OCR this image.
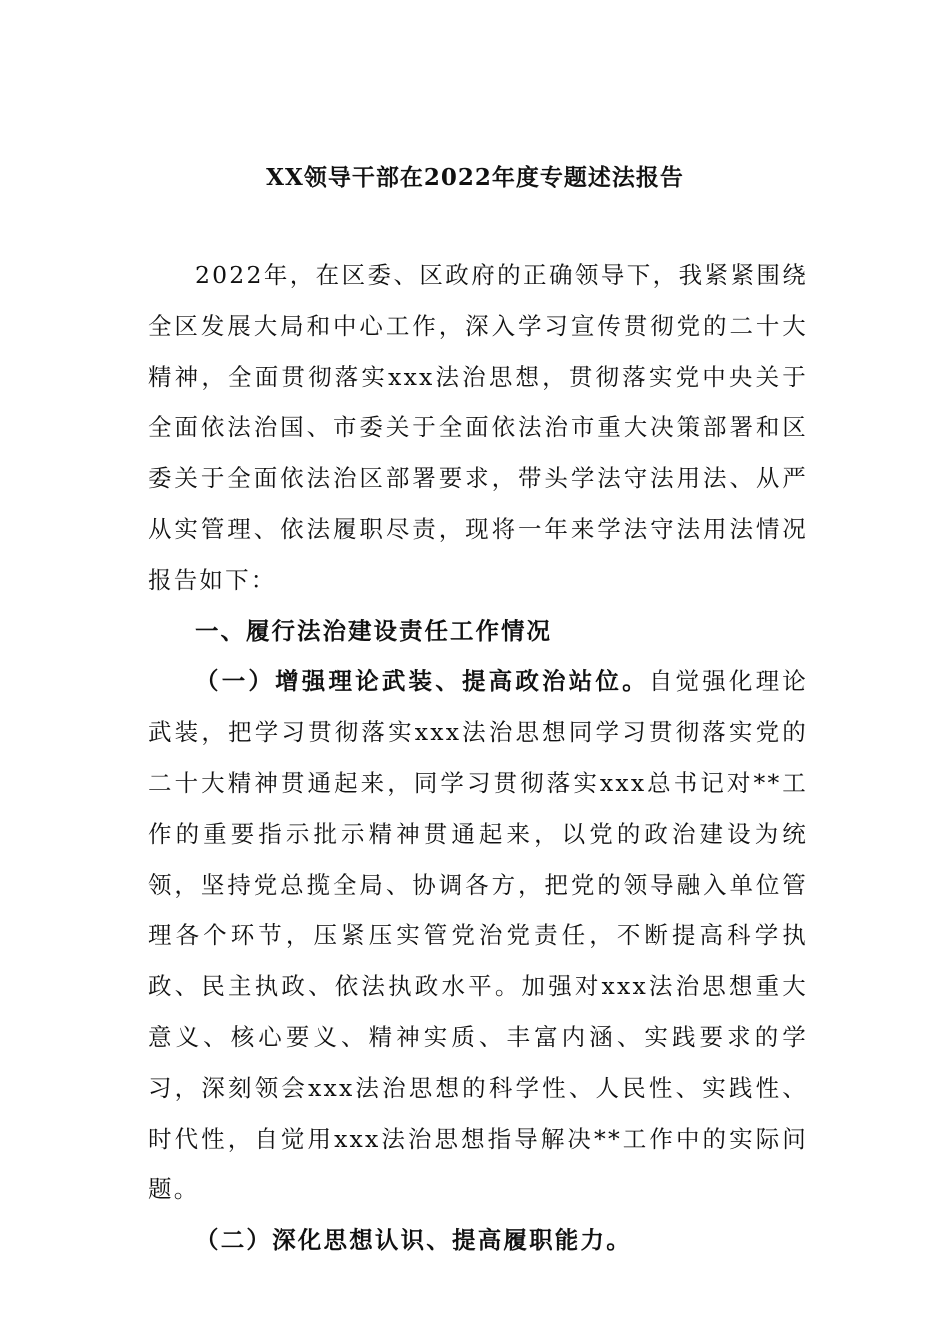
XX领导干部在2022年度专题述法报告

2022年，在区委、区政府的正确领导下，我紧紧围绕全区发展大局和中心工作，深入学习宣传贯彻党的二十大精神，全面贯彻落实xxx法治思想，贯彻落实党中央关于全面依法治国、市委关于全面依法治市重大决策部署和区委关于全面依法治区部署要求，带头学法守法用法、从严从实管理、依法履职尽责，现将一年来学法守法用法情况报告如下：

一、履行法治建设责任工作情况

（一）增强理论武装、提高政治站位。自觉强化理论武装，把学习贯彻落实xxx法治思想同学习贯彻落实党的二十大精神贯通起来，同学习贯彻落实xxx总书记对**工作的重要指示批示精神贯通起来，以党的政治建设为统领，坚持党总揽全局、协调各方，把党的领导融入单位管理各个环节，压紧压实管党治党责任，不断提高科学执政、民主执政、依法执政水平。加强对xxx法治思想重大意义、核心要义、精神实质、丰富内涵、实践要求的学习，深刻领会xxx法治思想的科学性、人民性、实践性、时代性，自觉用xxx法治思想指导解决**工作中的实际问题。

（二）深化思想认识、提高履职能力。
